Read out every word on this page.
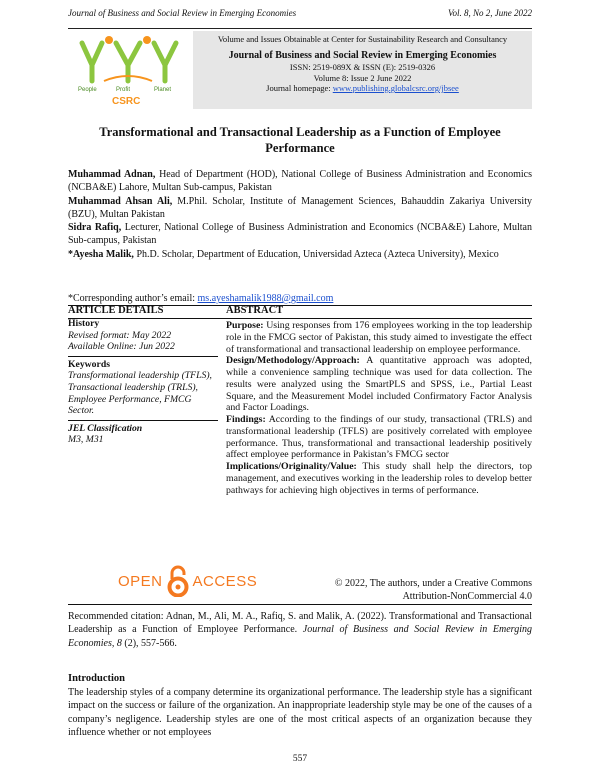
Journal of Business and Social Review in Emerging Economies	Vol. 8, No 2, June 2022
People	Profit	Planet
CSRC
Volume and Issues Obtainable at Center for Sustainability Research and Consultancy
Journal of Business and Social Review in Emerging Economies
ISSN: 2519-089X & ISSN (E): 2519-0326
Volume 8: Issue 2 June 2022
Journal homepage: www.publishing.globalcsrc.org/jbsee
Transformational and Transactional Leadership as a Function of Employee Performance

Muhammad Adnan, Head of Department (HOD), National College of Business Administration and Economics (NCBA&E) Lahore, Multan Sub-campus, Pakistan

Muhammad Ahsan Ali, M.Phil. Scholar, Institute of Management Sciences, Bahauddin Zakariya University (BZU), Multan Pakistan

Sidra Rafiq, Lecturer, National College of Business Administration and Economics (NCBA&E) Lahore, Multan Sub-campus, Pakistan

*Ayesha Malik, Ph.D. Scholar, Department of Education, Universidad Azteca (Azteca University), Mexico

*Corresponding author’s email: ms.ayeshamalik1988@gmail.com
ARTICLE DETAILS	ABSTRACT
History
Revised format: May 2022
Available Online: Jun 2022
Keywords
Transformational leadership (TFLS), Transactional leadership (TRLS), Employee Performance, FMCG Sector.
JEL Classification
M3, M31

Purpose: Using responses from 176 employees working in the top leadership role in the FMCG sector of Pakistan, this study aimed to investigate the effect of transformational and transactional leadership on employee performance.

Design/Methodology/Approach: A quantitative approach was adopted, while a convenience sampling technique was used for data collection. The results were analyzed using the SmartPLS and SPSS, i.e., Partial Least Square, and the Measurement Model included Confirmatory Factor Analysis and Factor Loadings.

Findings: According to the findings of our study, transactional (TRLS) and transformational leadership (TFLS) are positively correlated with employee performance. Thus, transformational and transactional leadership positively affect employee performance in Pakistan’s FMCG sector

Implications/Originality/Value: This study shall help the directors, top management, and executives working in the leadership roles to develop better pathways for achieving high objectives in terms of performance.

OPEN ACCESS	© 2022, The authors, under a Creative Commons Attribution-NonCommercial 4.0
Recommended citation: Adnan, M., Ali, M. A., Rafiq, S. and Malik, A. (2022). Transformational and Transactional Leadership as a Function of Employee Performance. Journal of Business and Social Review in Emerging Economies, 8 (2), 557-566.
Introduction
The leadership styles of a company determine its organizational performance. The leadership style has a significant impact on the success or failure of the organization. An inappropriate leadership style may be one of the causes of a company’s negligence. Leadership styles are one of the most critical aspects of an organization because they influence whether or not employees
557
